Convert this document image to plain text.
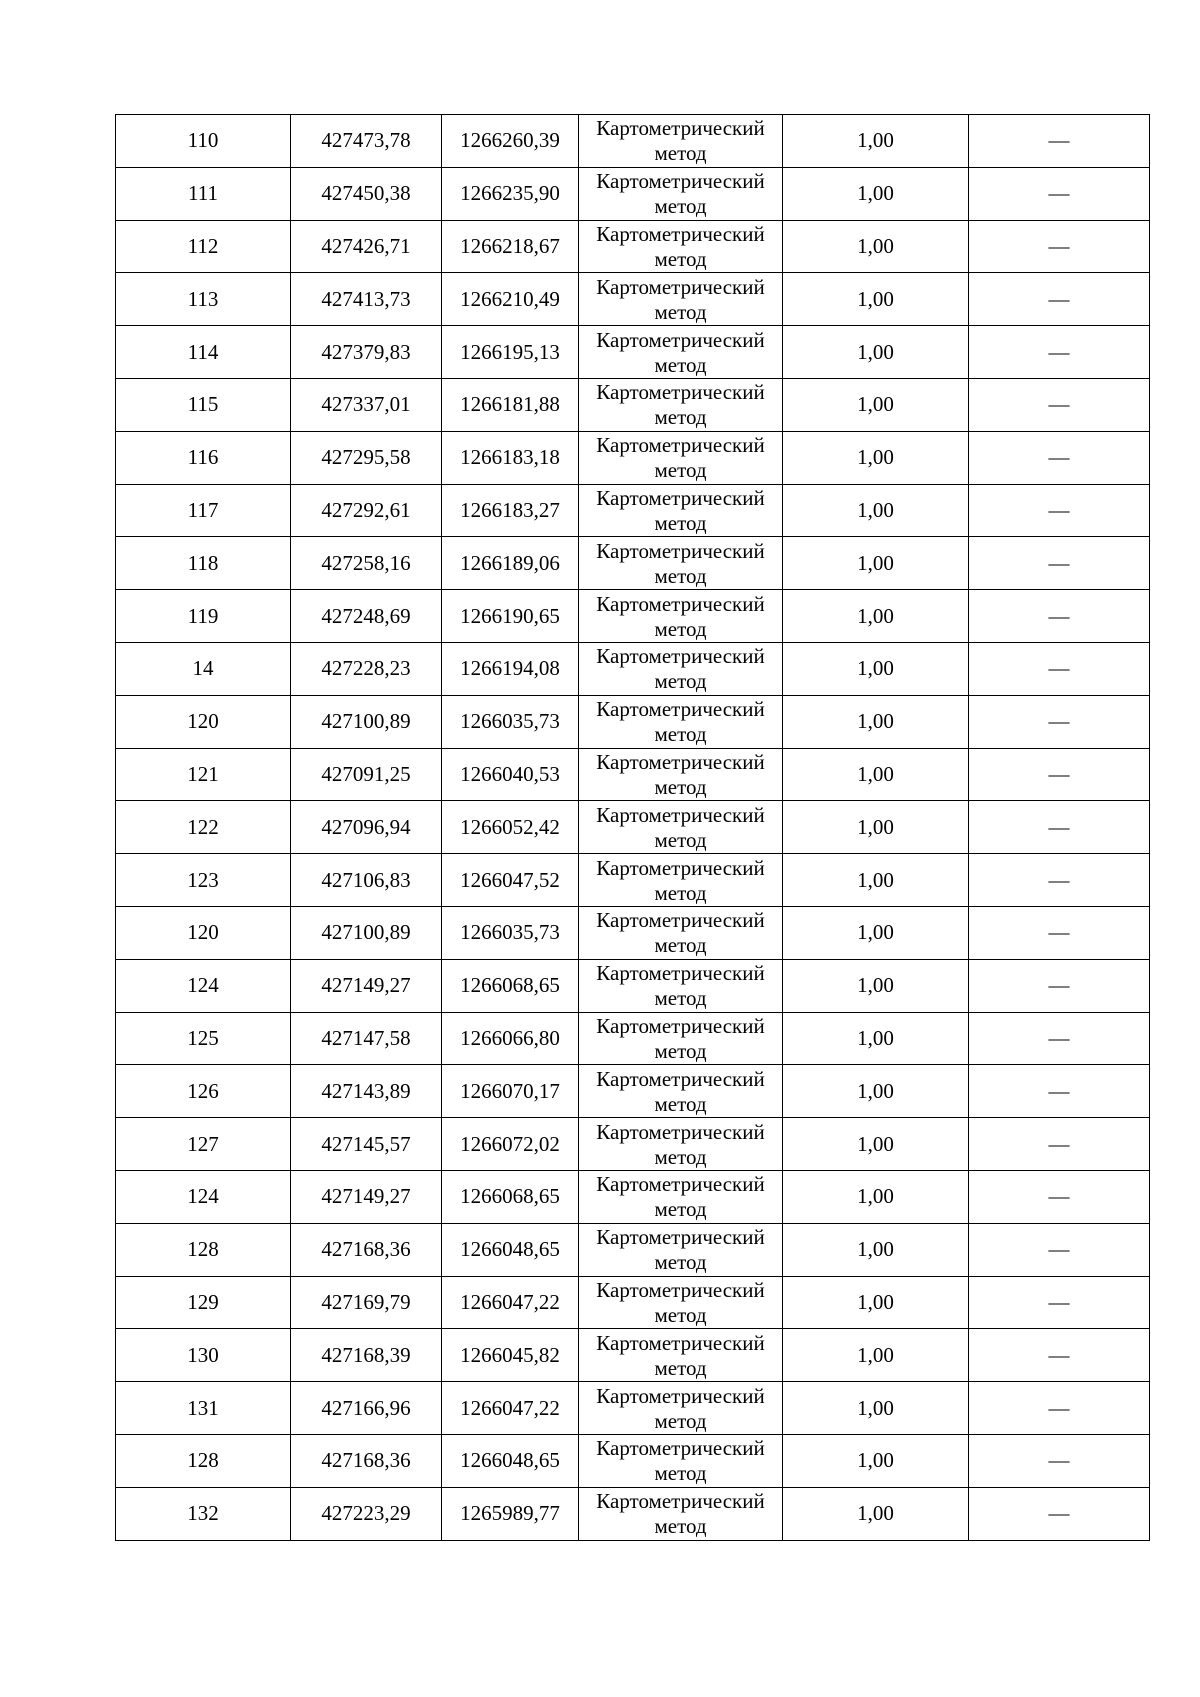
110	427473,78	1266260,39	Картометрический
метод	1,00	—
111	427450,38	1266235,90	Картометрический
метод	1,00	—
112	427426,71	1266218,67	Картометрический
метод	1,00	—
113	427413,73	1266210,49	Картометрический
метод	1,00	—
114	427379,83	1266195,13	Картометрический
метод	1,00	—
115	427337,01	1266181,88	Картометрический
метод	1,00	—
116	427295,58	1266183,18	Картометрический
метод	1,00	—
117	427292,61	1266183,27	Картометрический
метод	1,00	—
118	427258,16	1266189,06	Картометрический
метод	1,00	—
119	427248,69	1266190,65	Картометрический
метод	1,00	—
14	427228,23	1266194,08	Картометрический
метод	1,00	—
120	427100,89	1266035,73	Картометрический
метод	1,00	—
121	427091,25	1266040,53	Картометрический
метод	1,00	—
122	427096,94	1266052,42	Картометрический
метод	1,00	—
123	427106,83	1266047,52	Картометрический
метод	1,00	—
120	427100,89	1266035,73	Картометрический
метод	1,00	—
124	427149,27	1266068,65	Картометрический
метод	1,00	—
125	427147,58	1266066,80	Картометрический
метод	1,00	—
126	427143,89	1266070,17	Картометрический
метод	1,00	—
127	427145,57	1266072,02	Картометрический
метод	1,00	—
124	427149,27	1266068,65	Картометрический
метод	1,00	—
128	427168,36	1266048,65	Картометрический
метод	1,00	—
129	427169,79	1266047,22	Картометрический
метод	1,00	—
130	427168,39	1266045,82	Картометрический
метод	1,00	—
131	427166,96	1266047,22	Картометрический
метод	1,00	—
128	427168,36	1266048,65	Картометрический
метод	1,00	—
132	427223,29	1265989,77	Картометрический
метод	1,00	—
